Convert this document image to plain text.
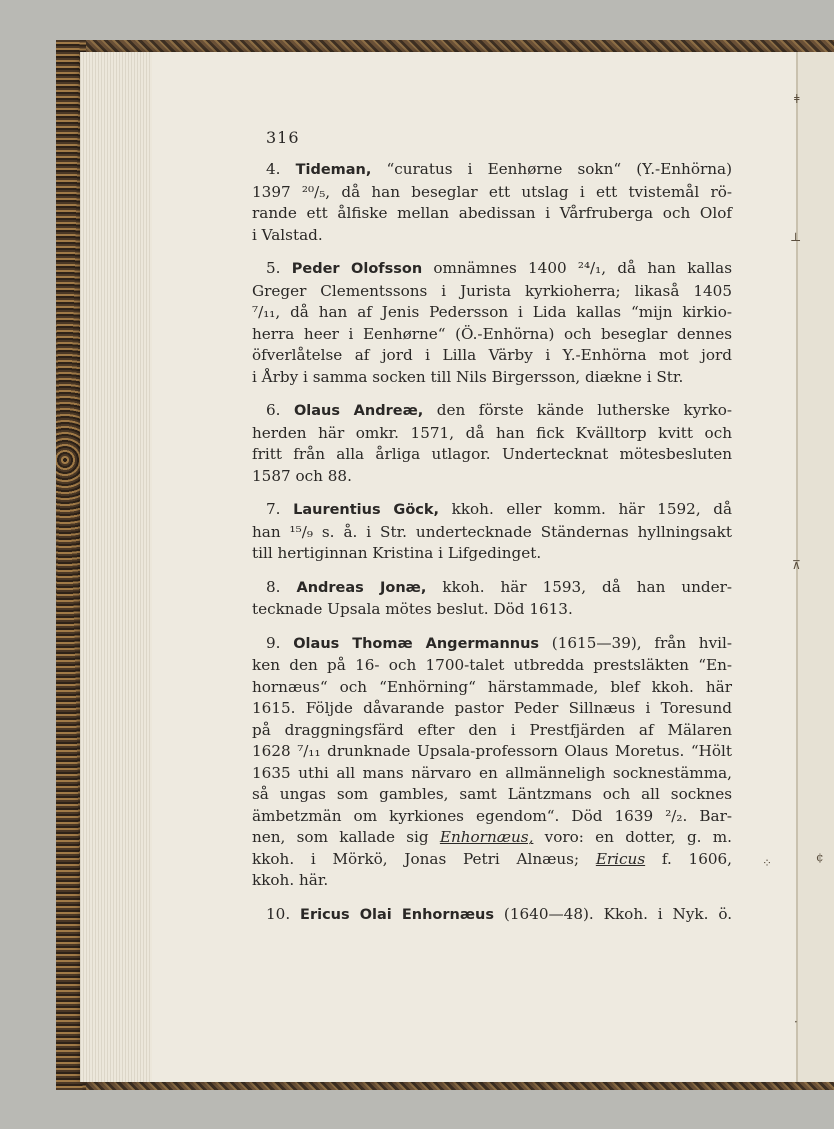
ǂ
⊥
⊼
⁘	¢
·
316
4. Tideman, “curatus i Eenhørne sokn“ (Y.-Enhörna)
1397 ²⁰/₅, då han beseglar ett utslag i ett tvistemål rö-
rande ett ålfiske mellan abedissan i Vårfruberga och Olof
i Valstad.
5. Peder Olofsson omnämnes 1400 ²⁴/₁, då han kallas
Greger Clementssons i Jurista kyrkioherra; likaså 1405
⁷/₁₁, då han af Jenis Pedersson i Lida kallas “mijn kirkio-
herra heer i Eenhørne“ (Ö.-Enhörna) och beseglar dennes
öfverlåtelse af jord i Lilla Värby i Y.-Enhörna mot jord
i Årby i samma socken till Nils Birgersson, diækne i Str.
6. Olaus Andreæ, den förste kände lutherske kyrko-
herden här omkr. 1571, då han fick Kvälltorp kvitt och
fritt från alla årliga utlagor. Undertecknat mötesbesluten
1587 och 88.
7. Laurentius Göck, kkoh. eller komm. här 1592, då
han ¹⁵/₉ s. å. i Str. undertecknade Ständernas hyllningsakt
till hertiginnan Kristina i Lifgedinget.
8. Andreas Jonæ, kkoh. här 1593, då han under-
tecknade Upsala mötes beslut. Död 1613.
9. Olaus Thomæ Angermannus (1615—39), från hvil-
ken den på 16- och 1700-talet utbredda prestsläkten “En-
hornæus“ och “Enhörning“ härstammade, blef kkoh. här
1615. Följde dåvarande pastor Peder Sillnæus i Toresund
på draggningsfärd efter den i Prestfjärden af Mälaren
1628 ⁷/₁₁ drunknade Upsala-professorn Olaus Moretus. “Hölt
1635 uthi all mans närvaro en allmänneligh socknestämma,
så ungas som gambles, samt Läntzmans och all socknes
ämbetzmän om kyrkiones egendom“. Död 1639 ²/₂. Bar-
nen, som kallade sig Enhornæus, voro: en dotter, g. m.
kkoh. i Mörkö, Jonas Petri Alnæus; Ericus f. 1606,
kkoh. här.
10. Ericus Olai Enhornæus (1640—48). Kkoh. i Nyk. ö.
